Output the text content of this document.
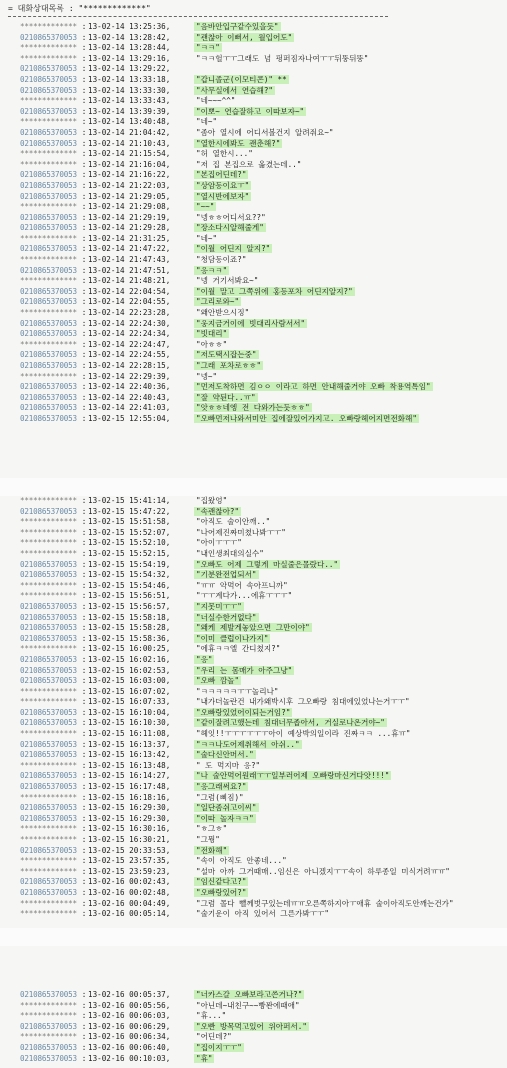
= 대화상대목록 : "*************"
************* : 13-02-14 13:25:36,	"음바안입구같수있을듯"
0210865370053 : 13-02-14 13:28:42,	"괜찮아 이뻐서, 월입어도"
************* : 13-02-14 13:28:44,	"ㅋㅋ"
************* : 13-02-14 13:29:16,	"ㅋㅋ헐ㅜㅜ그래도 넘 펑퍼짐자나여ㅜㅜ뒤뚱뒤뚱"
0210865370053 : 13-02-14 13:29:22,
0210865370053 : 13-02-14 13:33:18,	"갑니졸군(이모티콘)" **
0210865370053 : 13-02-14 13:33:30,	"사무실에서 연습해?"
************* : 13-02-14 13:33:43,	"네~~~^^"
0210865370053 : 13-02-14 13:39:39,	"이뽀~ 연습잘하고 이따보자~"
************* : 13-02-14 13:40:48,	"네~"
0210865370053 : 13-02-14 21:04:42,	"좀아 열시에 어디서볼건지 알려줘요~"
0210865370053 : 13-02-14 21:10:43,	"열한시에봐도 괜춘해?"
************* : 13-02-14 21:15:54,	"허 열한시..."
************* : 13-02-14 21:16:04,	"저 집 본집으로 옮겼는데.."
0210865370053 : 13-02-14 21:16:22,	"본집어딘데?"
0210865370053 : 13-02-14 21:22:03,	"상암동이요ㅜ"
0210865370053 : 13-02-14 21:29:05,	"열시반에보자"
************* : 13-02-14 21:29:08,	"~~"
0210865370053 : 13-02-14 21:29:19,	"넹ㅎㅎ어디서요??"
0210865370053 : 13-02-14 21:29:28,	"장소다시알해줄게"
************* : 13-02-14 21:31:25,	"네~"
0210865370053 : 13-02-14 21:47:22,	"이월 어딘지 알지?"
************* : 13-02-14 21:47:43,	"청담동이죠?"
0210865370053 : 13-02-14 21:47:51,	"응ㅋㅋ"
************* : 13-02-14 21:48:21,	"넹 거기서봐요~"
0210865370053 : 13-02-14 22:04:54,	"이월 말고 그쪽위에 홍등포차 어딘지알지?"
0210865370053 : 13-02-14 22:04:55,	"그리로와~"
************* : 13-02-14 22:23:28,	"왜안받으시징"
0210865370053 : 13-02-14 22:24:30,	"웅지금거이에 빗대리사람서서"
0210865370053 : 13-02-14 22:24:34,	"빗대리"
************* : 13-02-14 22:24:47,	"아ㅎㅎ"
0210865370053 : 13-02-14 22:24:55,	"저도택시잡는중"
0210865370053 : 13-02-14 22:28:15,	"그래 포차로ㅎㅎ"
************* : 13-02-14 22:29:39,	"넹~"
0210865370053 : 13-02-14 22:40:36,	"먼저도착하면 김ㅇㅇ 이라고 하면 안내해줄거야 오빠 착용역톡임"
0210865370053 : 13-02-14 22:40:43,	"잘 약된다..ㅠ"
0210865370053 : 13-02-14 22:41:03,	"앗ㅎㅎ네엥 전 다와가는듯ㅎㅎ"
0210865370053 : 13-02-15 12:55:04,	"오빠먼저나와서미안 집에잘있어가지고. 오빠랑헤어지면전화해"
************* : 13-02-15 15:41:14,	"집왔엉"
0210865370053 : 13-02-15 15:47:22,	"속괜찮아?"
************* : 13-02-15 15:51:58,	"아직도 술이안깨.."
************* : 13-02-15 15:52:07,	"나어제진짜미쳤나봐ㅜㅜ"
************* : 13-02-15 15:52:10,	"아이ㅜㅜㅜ"
************* : 13-02-15 15:52:15,	"내인생최대의실수"
0210865370053 : 13-02-15 15:54:19,	"오빠도 어제 그렇게 마실줄은몰랐다.."
0210865370053 : 13-02-15 15:54:32,	"기분완전업되서"
************* : 13-02-15 15:54:46,	"ㅠㅠ 악먹어 속아프니까"
************* : 13-02-15 15:56:51,	"ㅜㅜ계다가...에휴ㅜㅜㅜ"
0210865370053 : 13-02-15 15:56:57,	"지못미ㅜㅜ"
0210865370053 : 13-02-15 15:58:18,	"너실수한거없다"
0210865370053 : 13-02-15 15:58:28,	"왜케 제발게놓았으면 그만이야"
0210865370053 : 13-02-15 15:58:36,	"이미 클럽이나가지"
************* : 13-02-15 16:00:25,	"에휴ㅋㅋ엘 간디쳤지?"
0210865370053 : 13-02-15 16:02:16,	"응"
0210865370053 : 13-02-15 16:02:53,	"우리 는 몸매가 아주그냥"
0210865370053 : 13-02-15 16:03:00,	"오빠 깜놀"
************* : 13-02-15 16:07:02,	"ㅋㅋㅋㅋㅋㅜㅜ놀리나"
************* : 13-02-15 16:07:33,	"내가더놀란건 내가왜박시후 그오빠랑 침대에있었나는거ㅜㅜ"
0210865370053 : 13-02-15 16:10:04,	"오빠랑있었어이되는거임?"
0210865370053 : 13-02-15 16:10:30,	"같이잘려고했는데 침대너무좁아서, 거실로나온거야~"
************* : 13-02-15 16:11:08,	"헤잇!!ㅜㅜㅜㅜㅜㅜ아이 예상박의일이라 진짜ㅋㅋ ...휴ㅠ"
0210865370053 : 13-02-15 16:13:37,	"ㅋㅋ나도어제취해서 아쉬.."
0210865370053 : 13-02-15 16:13:42,	"술다신안머서."
************* : 13-02-15 16:13:48,	" 도 먹지마 응?"
0210865370053 : 13-02-15 16:14:27,	"나 술안먹어원래ㅜㅜ일부러어제 오빠랑마신거다앗!!!"
0210865370053 : 13-02-15 16:17:48,	"응그래써요?"
************* : 13-02-15 16:18:16,	"그럼(삐짐)"
0210865370053 : 13-02-15 16:29:30,	"일단좀쉬고이씨"
0210865370053 : 13-02-15 16:29:30,	"이따 놀자ㅋㅋ"
************* : 13-02-15 16:30:16,	"ㅎ그ㅎ"
************* : 13-02-15 16:30:21,	"그뭥"
0210865370053 : 13-02-15 20:33:53,	"전화해"
************* : 13-02-15 23:57:35,	"속이 아직도 안좋네..."
************* : 13-02-15 23:59:23,	"설마 아까 그거때매..임신은 아니겠지ㅜㅜ속이 하루종일 미식거려ㅠㅠ"
0210865370053 : 13-02-16 00:02:43,	"임신같다고?"
0210865370053 : 13-02-16 00:02:48,	"오빠랑있어?"
************* : 13-02-16 00:04:49,	"그럼 몰다 뺄께벗구있는데ㅠㅠ오른쪽하지아ㅜ애휴 술이아직도안깨는건가"
************* : 13-02-16 00:05:14,	"술기운이 아직 있어서 그른가봐ㅜㅜ"
0210865370053 : 13-02-16 00:05:37,	"너카스갈 오빠보라고쓴거나?"
************* : 13-02-16 00:05:56,	"아닌데~내친구~~빵꽌에때애"
************* : 13-02-16 00:06:03,	"휴..."
0210865370053 : 13-02-16 00:06:29,	"오빤 방목먹고있어 위아퍼서."
************* : 13-02-16 00:06:34,	"어딘데?"
0210865370053 : 13-02-16 00:06:40,	"집이지ㅜㅜ"
0210865370053 : 13-02-16 00:10:03,	"휴"
